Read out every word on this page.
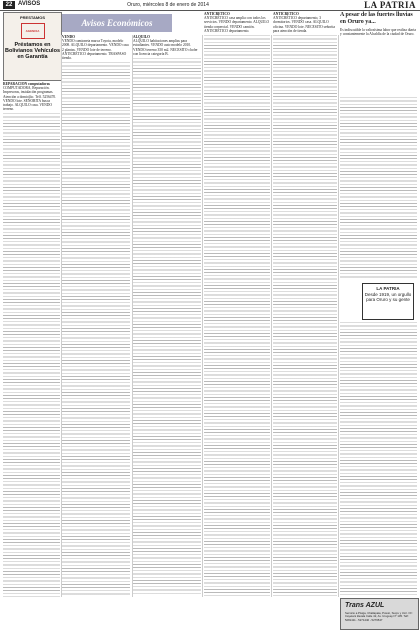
22 AVISOS	Oruro, miércoles 8 de enero de 2014	LA PATRIA
PRESTAMOS
AGENCIA
Préstamos en Bolivianos Vehículos en Garantía
Avisos Económicos
REPARACIÓN computadoras
COMPUTADORA, Reparación. Impresoras, instalación programas. Atención a domicilio. Telf. 5256470. VENDO lote. SEÑORITA busca trabajo. ALQUILO casa. VENDO terreno.
VENDO
VENDO camioneta marca Toyota, modelo 2008. ALQUILO departamento. VENDO casa 2 plantas. VENDO lote de terreno. ANTICRÉTICO departamento. TRASPASO tienda.
ALQUILO
ALQUILO habitaciones amplias para estudiantes. VENDO auto modelo 2010. VENDO terreno 350 m2. NECESITO chofer con licencia categoría B.
ANTICRÉTICO
ANTICRÉTICO casa amplia con todos los servicios. VENDO departamento. ALQUILO tienda comercial. VENDO camión. ANTICRÉTICO departamento.
ANTICRÉTICO
ANTICRÉTICO departamento, 3 dormitorios. VENDO casa. ALQUILO oficina. VENDO lote. NECESITO señorita para atención de tienda.
A pesar de las fuertes lluvias en Oruro ya...
Es indiscutible la valiosísima labor que realiza diaria y constantemente la Alcaldía de la ciudad de Oruro.
LA PATRIA
Desde 1919, un orgullo para Oruro y su gente
Trans AZUL
Servicio a Pisiga, Challapata, Potosí, Sucre y Ucri. Of.: Cayetani Zavala Calle 42, Av. Uruguay Nº 105. Telf: 5281411 - 5271440 - 5276547
